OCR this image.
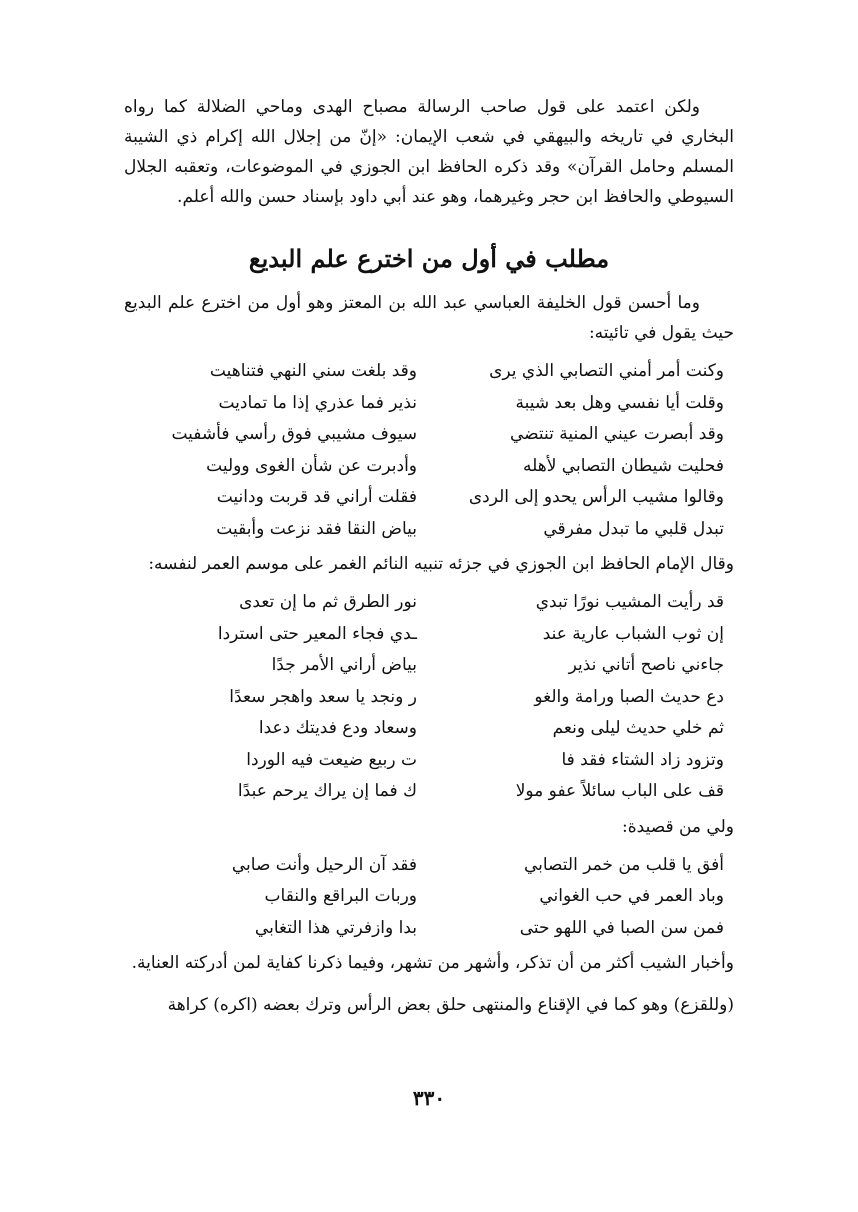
ولكن اعتمد على قول صاحب الرسالة مصباح الهدى وماحي الضلالة كما رواه البخاري في تاريخه والبيهقي في شعب الإيمان: «إنّ من إجلال الله إكرام ذي الشيبة المسلم وحامل القرآن» وقد ذكره الحافظ ابن الجوزي في الموضوعات، وتعقبه الجلال السيوطي والحافظ ابن حجر وغيرهما، وهو عند أبي داود بإسناد حسن والله أعلم.

مطلب في أول من اخترع علم البديع

وما أحسن قول الخليفة العباسي عبد الله بن المعتز وهو أول من اخترع علم البديع حيث يقول في تائيته:

وكنت أمر أمني التصابي الذي يرى
وقد بلغت سني النهي فتناهيت
وقلت أيا نفسي وهل بعد شيبة
نذير فما عذري إذا ما تماديت
وقد أبصرت عيني المنية تنتضي
سيوف مشيبي فوق رأسي فأشفيت
فحليت شيطان التصابي لأهله
وأدبرت عن شأن الغوى ووليت
وقالوا مشيب الرأس يحدو إلى الردى
فقلت أراني قد قربت ودانيت
تبدل قلبي ما تبدل مفرقي
بياض النقا فقد نزعت وأبقيت

وقال الإمام الحافظ ابن الجوزي في جزئه تنبيه النائم الغمر على موسم العمر لنفسه:

قد رأيت المشيب نورًا تبدي
نور الطرق ثم ما إن تعدى
إن ثوب الشباب عارية عند
ـدي فجاء المعير حتى استردا
جاءني ناصح أتاني نذير
بياض أراني الأمر جدًا
دع حديث الصبا ورامة والغو
ر ونجد يا سعد واهجر سعدًا
ثم خلي حديث ليلى ونعم
وسعاد ودع فديتك دعدا
وتزود زاد الشتاء فقد فا
ت ربيع ضيعت فيه الوردا
قف على الباب سائلاً عفو مولا
ك فما إن يراك يرحم عبدًا

ولي من قصيدة:

أفق يا قلب من خمر التصابي
فقد آن الرحيل وأنت صابي
وباد العمر في حب الغواني
وربات البراقع والنقاب
فمن سن الصبا في اللهو حتى
بدا وازفرتي هذا التغابي

وأخبار الشيب أكثر من أن تذكر، وأشهر من تشهر، وفيما ذكرنا كفاية لمن أدركته العناية.

(وللقزع) وهو كما في الإقناع والمنتهى حلق بعض الرأس وترك بعضه (اكره) كراهة

٣٣٠
